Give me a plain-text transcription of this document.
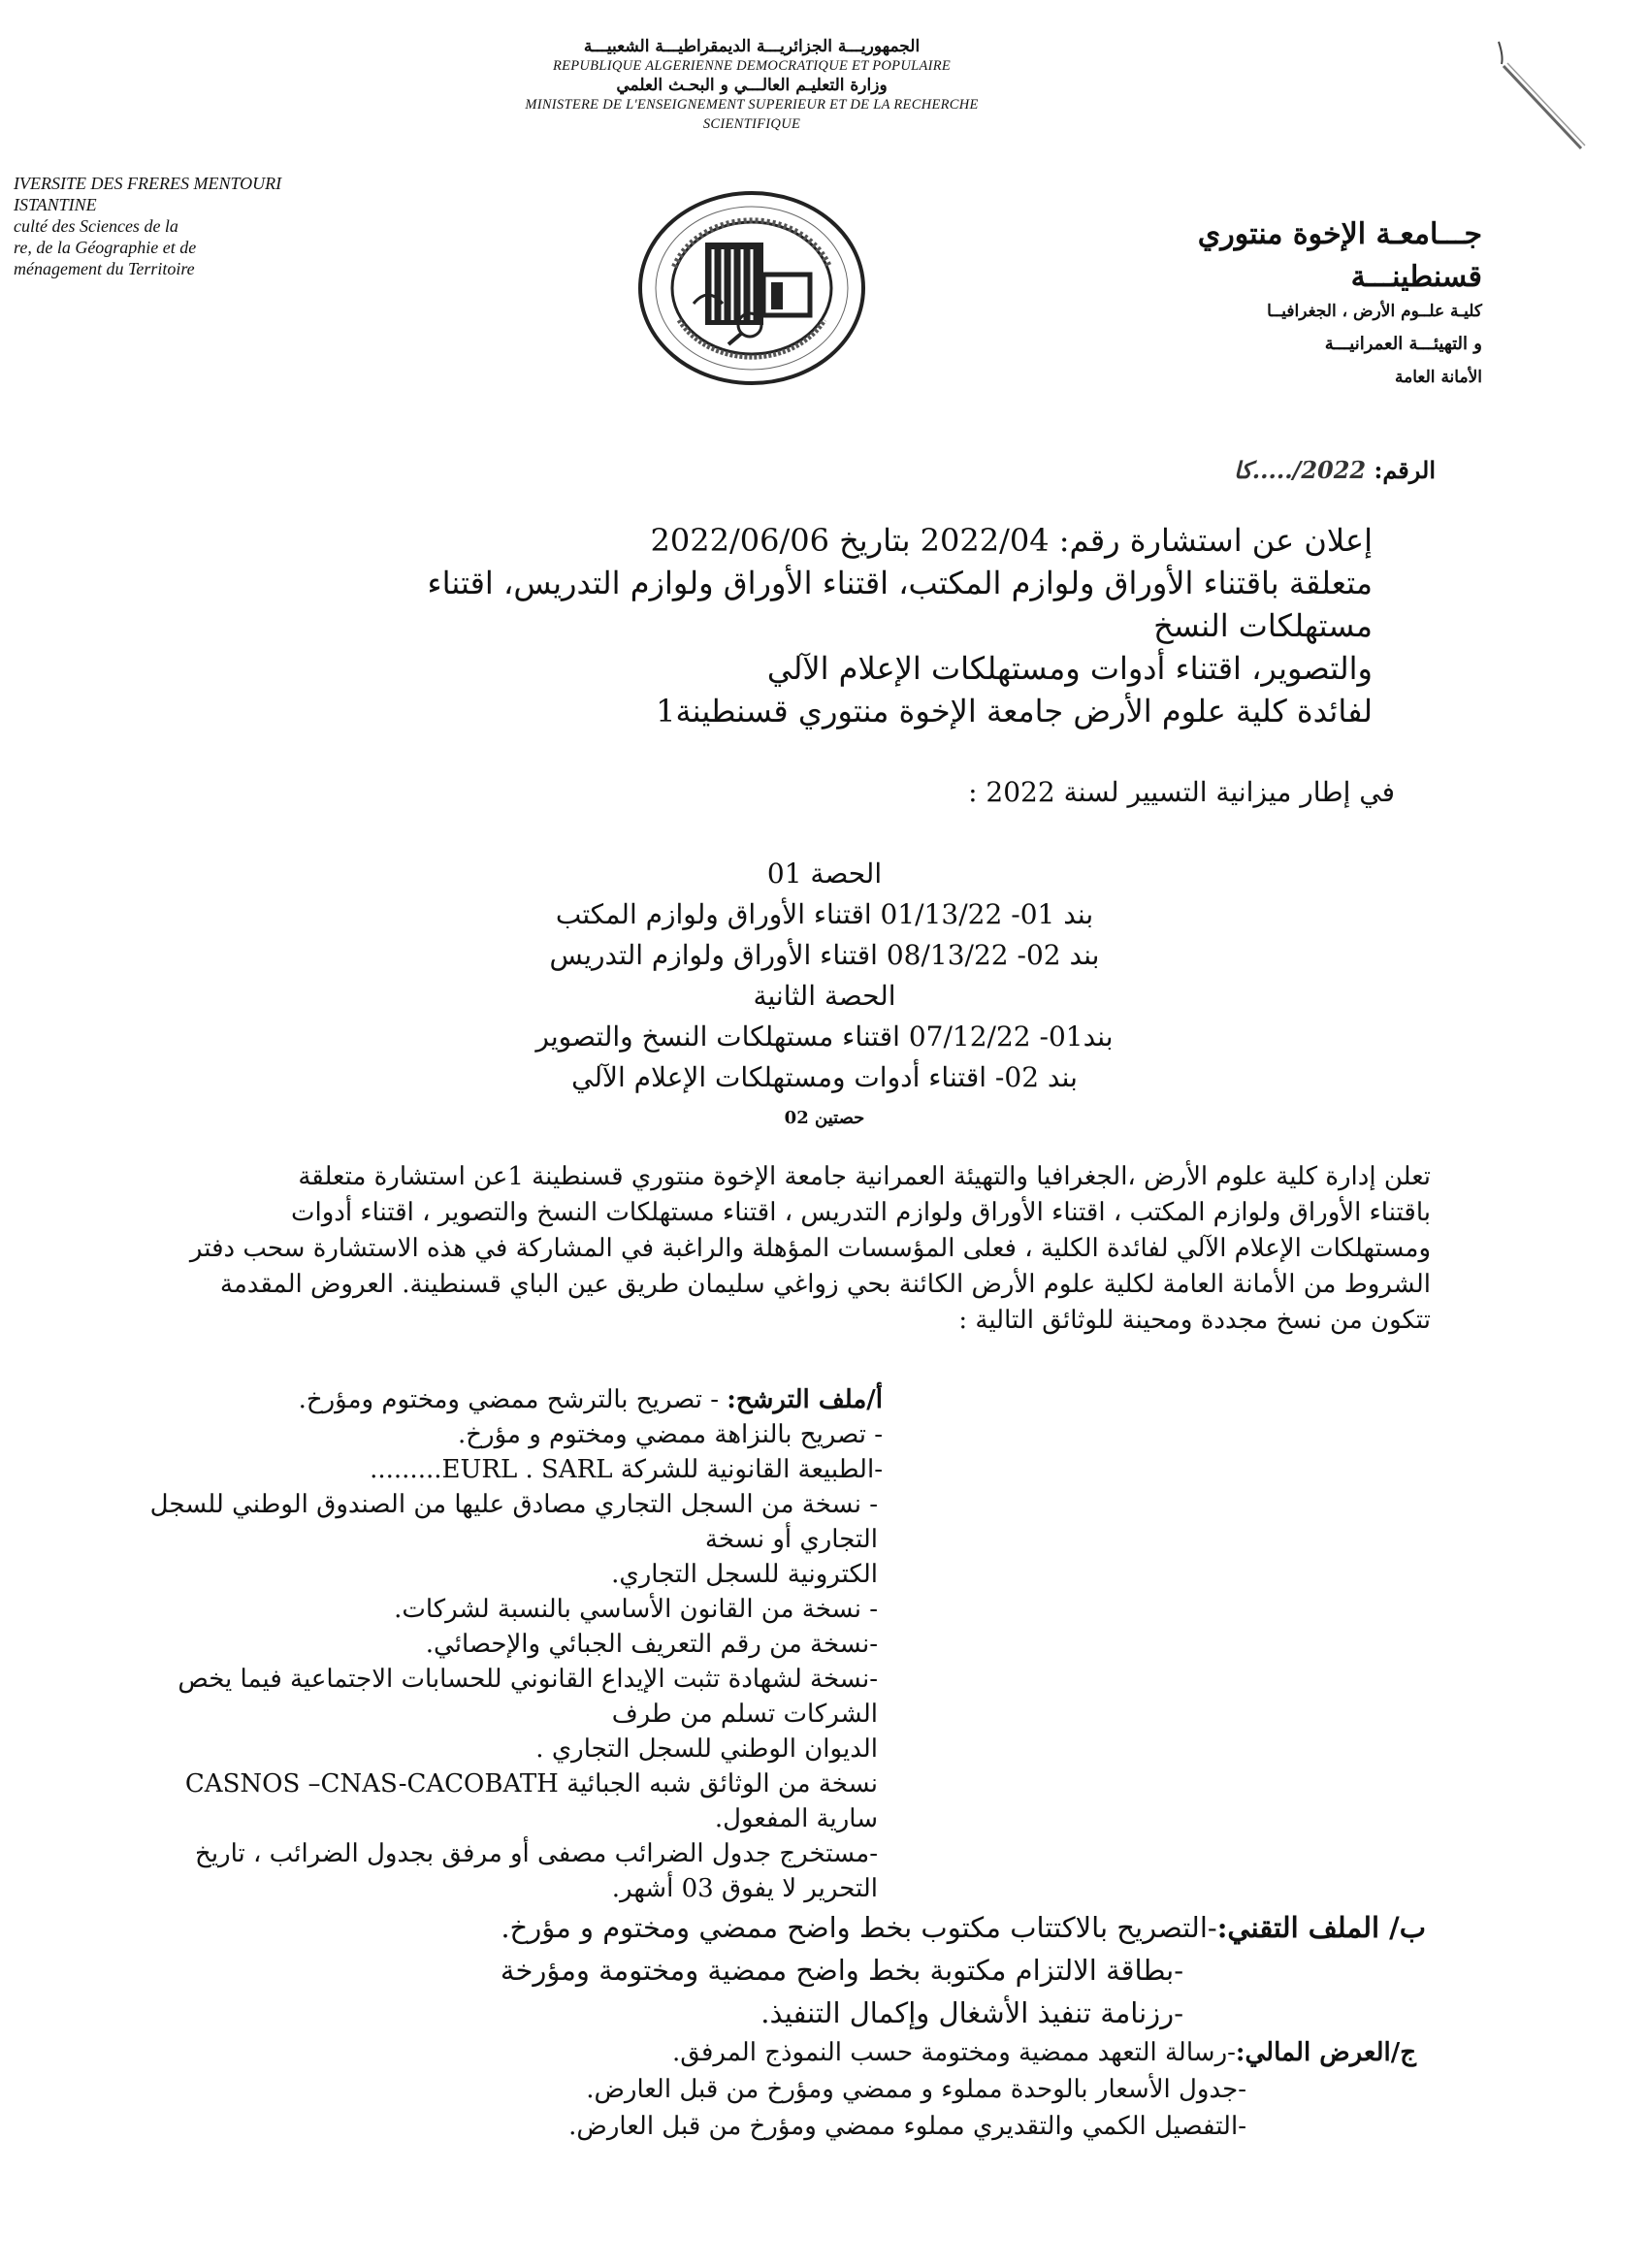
الجمهوريـــة الجزائريـــة الديمقراطيـــة الشعبيـــة
REPUBLIQUE ALGERIENNE DEMOCRATIQUE ET POPULAIRE
وزارة التعليـم العالـــي و البحـث العلمي
MINISTERE DE L'ENSEIGNEMENT SUPERIEUR ET DE LA RECHERCHE
SCIENTIFIQUE
IVERSITE DES FRERES MENTOURI
ISTANTINE
culté des Sciences de la
re, de la Géographie et de
ménagement du Territoire
جـــامعـة الإخوة منتوري
قسنطينـــة
كليـة علــوم الأرض ، الجغرافيــا
و التهيئـــة العمرانيـــة
الأمانة العامة
الرقم: 2022/.....كا
إعلان عن استشارة رقم: 2022/04 بتاريخ 2022/06/06
متعلقة باقتناء الأوراق ولوازم المكتب، اقتناء الأوراق ولوازم التدريس، اقتناء مستهلكات النسخ
والتصوير، اقتناء أدوات ومستهلكات الإعلام الآلي
لفائدة كلية علوم الأرض جامعة الإخوة منتوري قسنطينة1
في إطار ميزانية التسيير لسنة 2022 :
الحصة 01
بند 01- 01/13/22 اقتناء الأوراق ولوازم المكتب
بند 02- 08/13/22 اقتناء الأوراق ولوازم التدريس
الحصة الثانية
بند01- 07/12/22 اقتناء مستهلكات النسخ والتصوير
بند 02- اقتناء أدوات ومستهلكات الإعلام الآلي
حصتين 02
تعلن إدارة كلية علوم الأرض ،الجغرافيا والتهيئة العمرانية جامعة الإخوة منتوري قسنطينة 1عن استشارة متعلقة
باقتناء الأوراق ولوازم المكتب ، اقتناء الأوراق ولوازم التدريس ، اقتناء مستهلكات النسخ والتصوير ، اقتناء أدوات
ومستهلكات الإعلام الآلي لفائدة الكلية ، فعلى المؤسسات المؤهلة والراغبة في المشاركة في هذه الاستشارة سحب دفتر
الشروط من الأمانة العامة لكلية علوم الأرض الكائنة بحي زواغي سليمان طريق عين الباي قسنطينة. العروض المقدمة
تتكون من نسخ مجددة ومحينة للوثائق التالية :
أ/ملف الترشح: - تصريح بالترشح ممضي ومختوم ومؤرخ.
- تصريح بالنزاهة ممضي ومختوم و مؤرخ.
-الطبيعة القانونية للشركة EURL . SARL.........
- نسخة من السجل التجاري مصادق عليها من الصندوق الوطني للسجل التجاري أو نسخة
الكترونية للسجل التجاري.
- نسخة من القانون الأساسي بالنسبة لشركات.
-نسخة من رقم التعريف الجبائي والإحصائي.
-نسخة لشهادة تثبت الإيداع القانوني للحسابات الاجتماعية فيما يخص الشركات تسلم من طرف
الديوان الوطني للسجل التجاري .
نسخة من الوثائق شبه الجبائية CASNOS –CNAS-CACOBATH سارية المفعول.
-مستخرج جدول الضرائب مصفى أو مرفق بجدول الضرائب ، تاريخ التحرير لا يفوق 03 أشهر.
ب/ الملف التقني:-التصريح بالاكتتاب مكتوب بخط واضح ممضي ومختوم و مؤرخ.
-بطاقة الالتزام مكتوبة بخط واضح ممضية ومختومة ومؤرخة
-رزنامة تنفيذ الأشغال وإكمال التنفيذ.
ج/العرض المالي:-رسالة التعهد ممضية ومختومة حسب النموذج المرفق.
-جدول الأسعار بالوحدة مملوء و ممضي ومؤرخ من قبل العارض.
-التفصيل الكمي والتقديري مملوء ممضي ومؤرخ من قبل العارض.
